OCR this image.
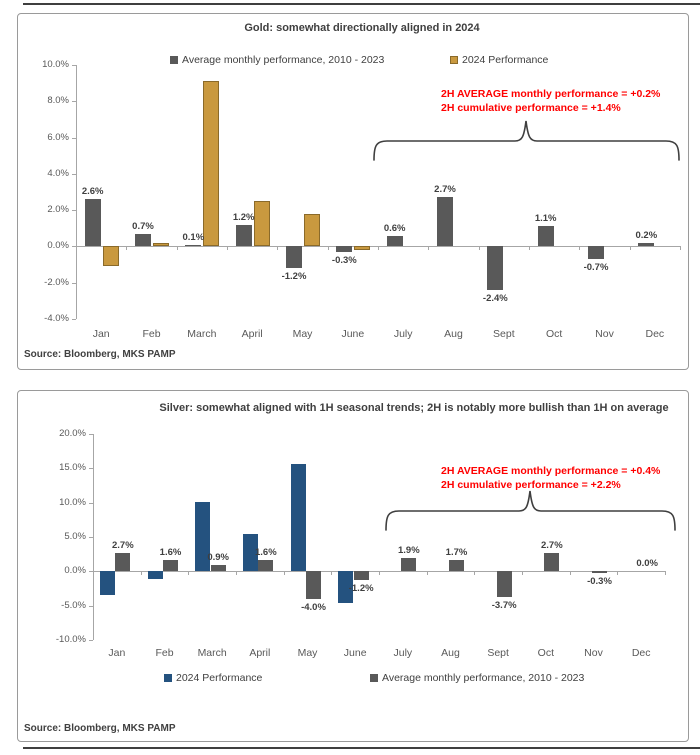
Gold: somewhat directionally aligned in 2024
Average monthly performance, 2010 - 2023	2024 Performance
2H AVERAGE monthly performance = +0.2%
2H cumulative performance = +1.4%
Source: Bloomberg, MKS PAMP
10.0%
8.0%
6.0%
4.0%
2.0%
0.0%
-2.0%
-4.0%
2.6%
0.7%
0.1%
1.2%
-1.2%
-0.3%
0.6%
2.7%
-2.4%
1.1%
-0.7%
0.2%
Jan	Feb	March	April	May	June	July	Aug	Sept	Oct	Nov	Dec
Silver: somewhat aligned with 1H seasonal trends; 2H is notably more bullish than 1H on average
2024 Performance	Average monthly performance, 2010 - 2023
2H AVERAGE monthly performance = +0.4%
2H cumulative performance = +2.2%
Source: Bloomberg, MKS PAMP
20.0%
15.0%
10.0%
5.0%
0.0%
-5.0%
-10.0%
2.7%
1.6%	0.9%	1.6%
-4.0%
-1.2%
1.9%	1.7%
-3.7%
2.7%
-0.3%
0.0%
Jan	Feb	March	April	May	June	July	Aug	Sept	Oct	Nov	Dec
